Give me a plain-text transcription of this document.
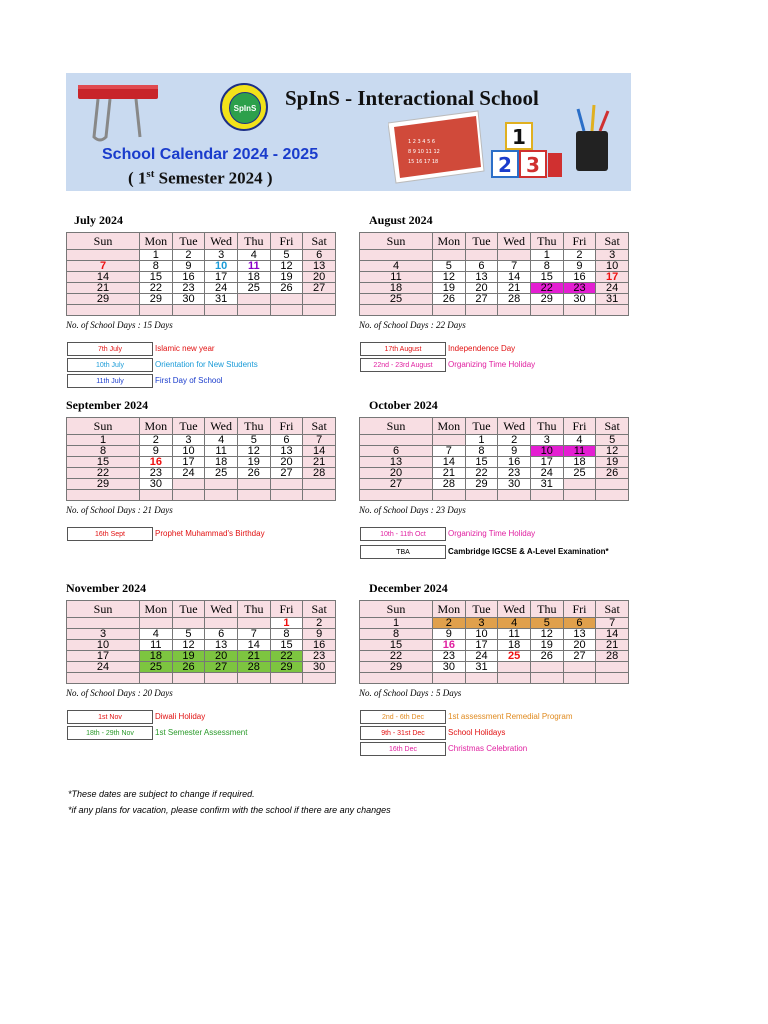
SpInS SpInS - Interactional School
School Calendar 2024 - 2025
( 1st Semester 2024 )
1 2 3 4 5 6
8 9 10 11 12
15 16 17 18	2 3
1
July 2024
Sun	Mon	Tue	Wed	Thu	Fri	Sat
	1	2	3	4	5	6
7	8	9	10	11	12	13
14	15	16	17	18	19	20
21	22	23	24	25	26	27
29	29	30	31			

No. of School Days : 15 Days
7th July	Islamic new year
10th July	Orientation for New Students
11th July	First Day of School
August 2024
Sun	Mon	Tue	Wed	Thu	Fri	Sat
				1	2	3
4	5	6	7	8	9	10
11	12	13	14	15	16	17
18	19	20	21	22	23	24
25	26	27	28	29	30	31

No. of School Days : 22 Days
17th August	Independence Day
22nd - 23rd August	Organizing Time Holiday
September 2024
Sun	Mon	Tue	Wed	Thu	Fri	Sat
1	2	3	4	5	6	7
8	9	10	11	12	13	14
15	16	17	18	19	20	21
22	23	24	25	26	27	28
29	30					

No. of School Days : 21 Days
16th Sept	Prophet Muhammad's Birthday
October 2024
Sun	Mon	Tue	Wed	Thu	Fri	Sat
		1	2	3	4	5
6	7	8	9	10	11	12
13	14	15	16	17	18	19
20	21	22	23	24	25	26
27	28	29	30	31		

No. of School Days : 23 Days
10th - 11th Oct	Organizing Time Holiday
TBA	Cambridge IGCSE & A-Level Examination*
November 2024
Sun	Mon	Tue	Wed	Thu	Fri	Sat
					1	2
3	4	5	6	7	8	9
10	11	12	13	14	15	16
17	18	19	20	21	22	23
24	25	26	27	28	29	30

No. of School Days : 20 Days
1st Nov	Diwali Holiday
18th - 29th Nov	1st Semester Assessment
December 2024
Sun	Mon	Tue	Wed	Thu	Fri	Sat
1	2	3	4	5	6	7
8	9	10	11	12	13	14
15	16	17	18	19	20	21
22	23	24	25	26	27	28
29	30	31				

No. of School Days : 5 Days
2nd - 6th Dec	1st assessment Remedial Program
9th - 31st Dec	School Holidays
16th Dec	Christmas Celebration
*These dates are subject to change if required.
*if any plans for vacation, please confirm with the school if there are any changes
